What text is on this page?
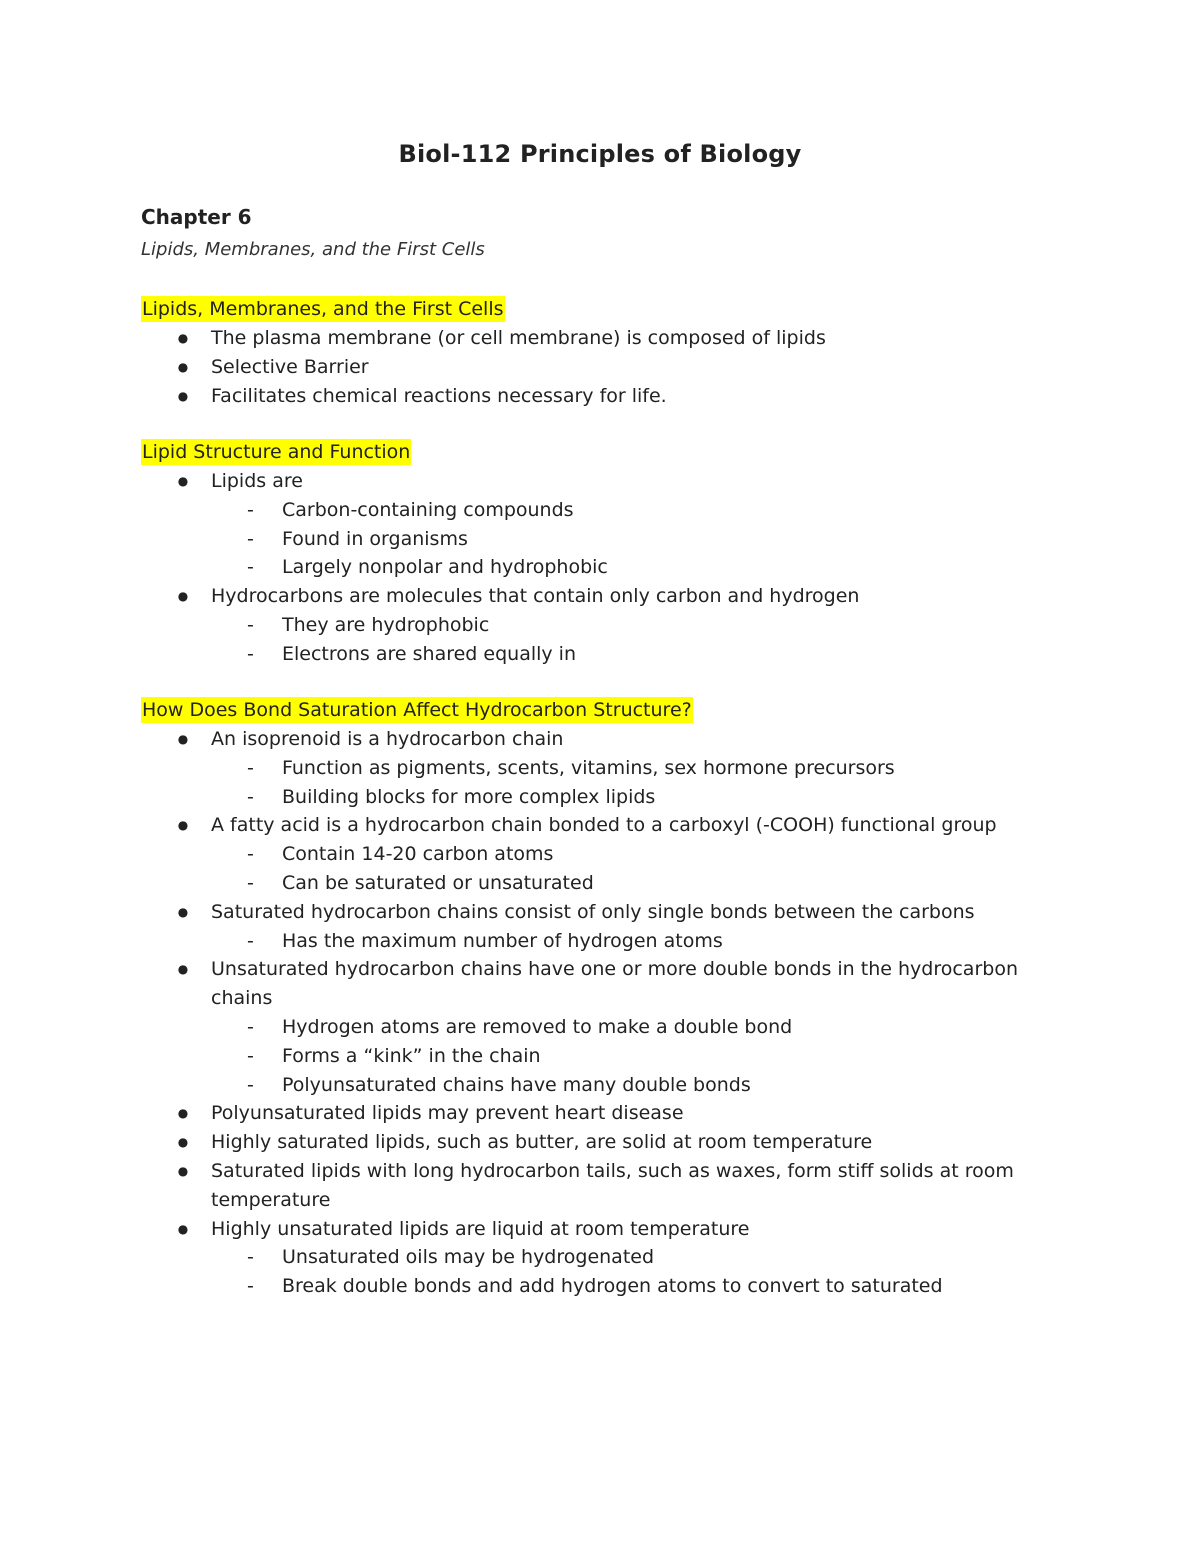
Biol-112 Principles of Biology
Chapter 6
Lipids, Membranes, and the First Cells
Lipids, Membranes, and the First Cells
● The plasma membrane (or cell membrane) is composed of lipids
● Selective Barrier
● Facilitates chemical reactions necessary for life.
Lipid Structure and Function
● Lipids are
- Carbon-containing compounds
- Found in organisms
- Largely nonpolar and hydrophobic
● Hydrocarbons are molecules that contain only carbon and hydrogen
- They are hydrophobic
- Electrons are shared equally in
How Does Bond Saturation Affect Hydrocarbon Structure?
● An isoprenoid is a hydrocarbon chain
- Function as pigments, scents, vitamins, sex hormone precursors
- Building blocks for more complex lipids
● A fatty acid is a hydrocarbon chain bonded to a carboxyl (-COOH) functional group
- Contain 14-20 carbon atoms
- Can be saturated or unsaturated
● Saturated hydrocarbon chains consist of only single bonds between the carbons
- Has the maximum number of hydrogen atoms
● Unsaturated hydrocarbon chains have one or more double bonds in the hydrocarbon chains
- Hydrogen atoms are removed to make a double bond
- Forms a “kink” in the chain
- Polyunsaturated chains have many double bonds
● Polyunsaturated lipids may prevent heart disease
● Highly saturated lipids, such as butter, are solid at room temperature
● Saturated lipids with long hydrocarbon tails, such as waxes, form stiff solids at room temperature
● Highly unsaturated lipids are liquid at room temperature
- Unsaturated oils may be hydrogenated
- Break double bonds and add hydrogen atoms to convert to saturated
